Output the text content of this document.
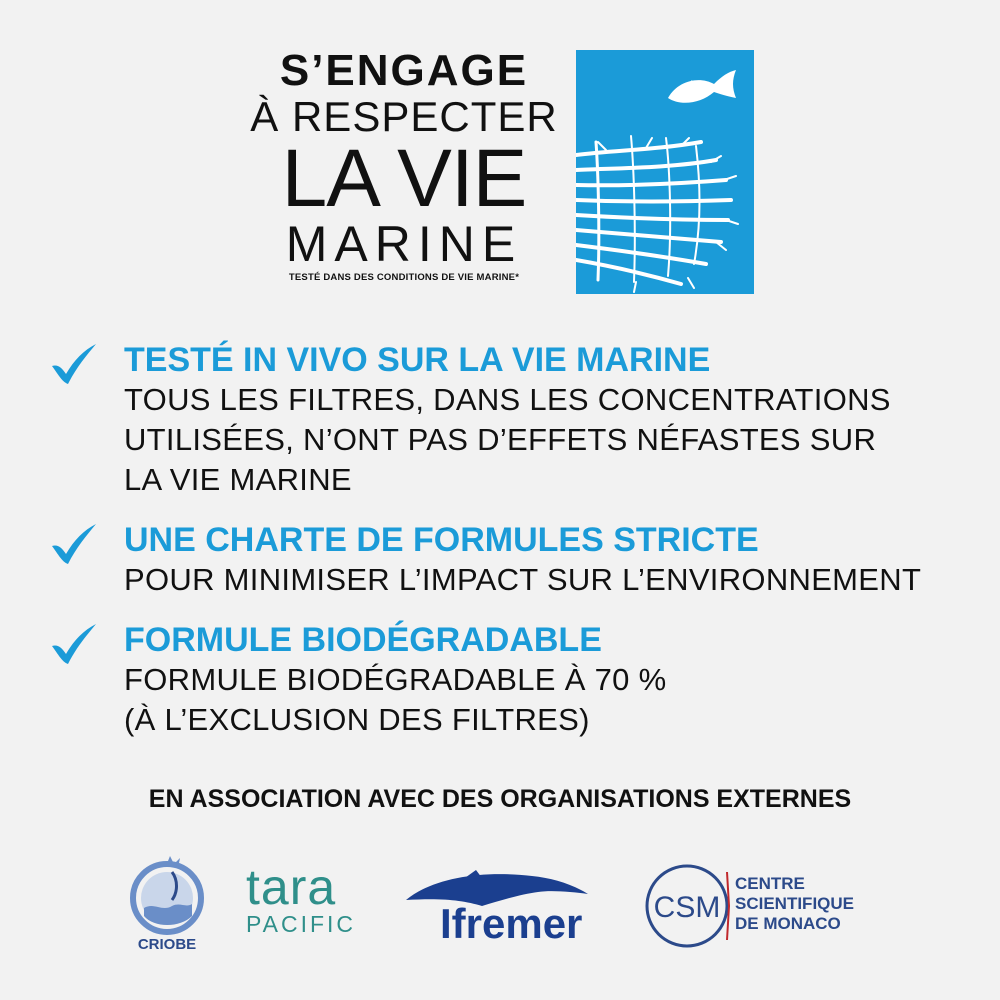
S’ENGAGE
À RESPECTER
LA VIE
MARINE
TESTÉ DANS DES CONDITIONS DE VIE MARINE*
TESTÉ IN VIVO SUR LA VIE MARINE
TOUS LES FILTRES, DANS LES CONCENTRATIONS
UTILISÉES, N’ONT PAS D’EFFETS NÉFASTES SUR
LA VIE MARINE
UNE CHARTE DE FORMULES STRICTE
POUR MINIMISER L’IMPACT SUR L’ENVIRONNEMENT
FORMULE BIODÉGRADABLE
FORMULE BIODÉGRADABLE À 70 %
(À L’EXCLUSION DES FILTRES)
EN ASSOCIATION AVEC DES ORGANISATIONS EXTERNES
CRIOBE
tara
PACIFIC	Ifremer CSM
CENTRE
SCIENTIFIQUE
DE MONACO
